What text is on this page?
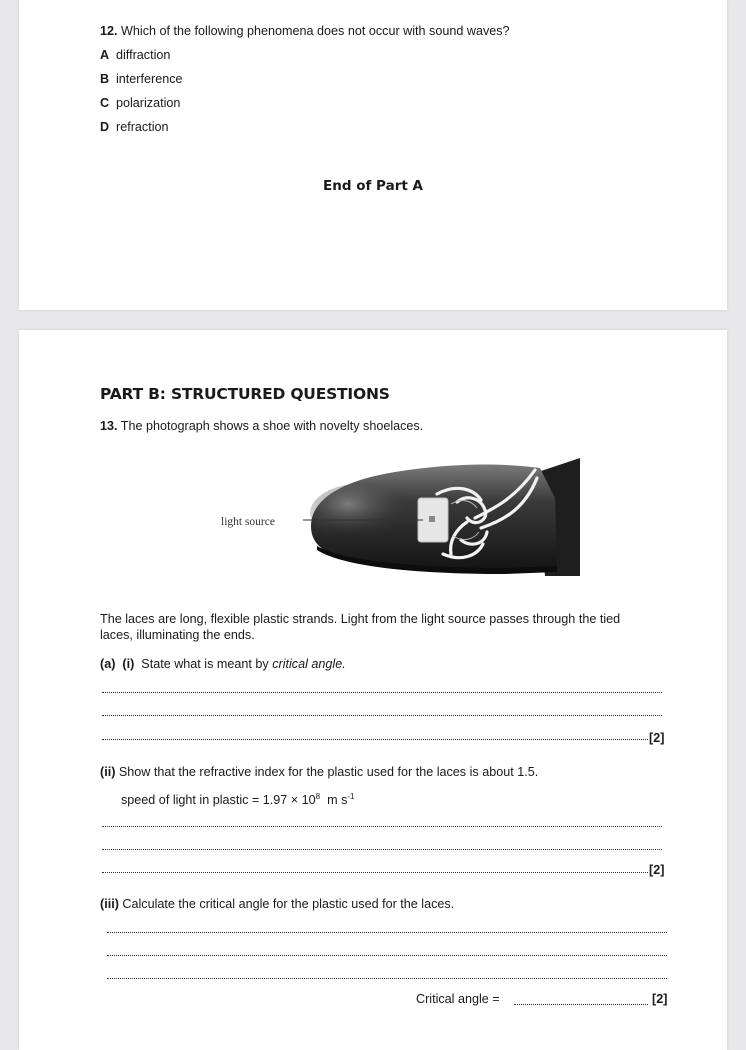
12. Which of the following phenomena does not occur with sound waves?
A diffraction
B interference
C polarization
D refraction
End of Part A
PART B: STRUCTURED QUESTIONS
13. The photograph shows a shoe with novelty shoelaces.
light source
The laces are long, flexible plastic strands. Light from the light source passes through the tied
laces, illuminating the ends.
(a) (i) State what is meant by critical angle.
[2]
(ii) Show that the refractive index for the plastic used for the laces is about 1.5.
speed of light in plastic = $1.97 \times 10^8$ m $s^{-1}$
[2]
(iii) Calculate the critical angle for the plastic used for the laces.
Critical angle =	[2]
